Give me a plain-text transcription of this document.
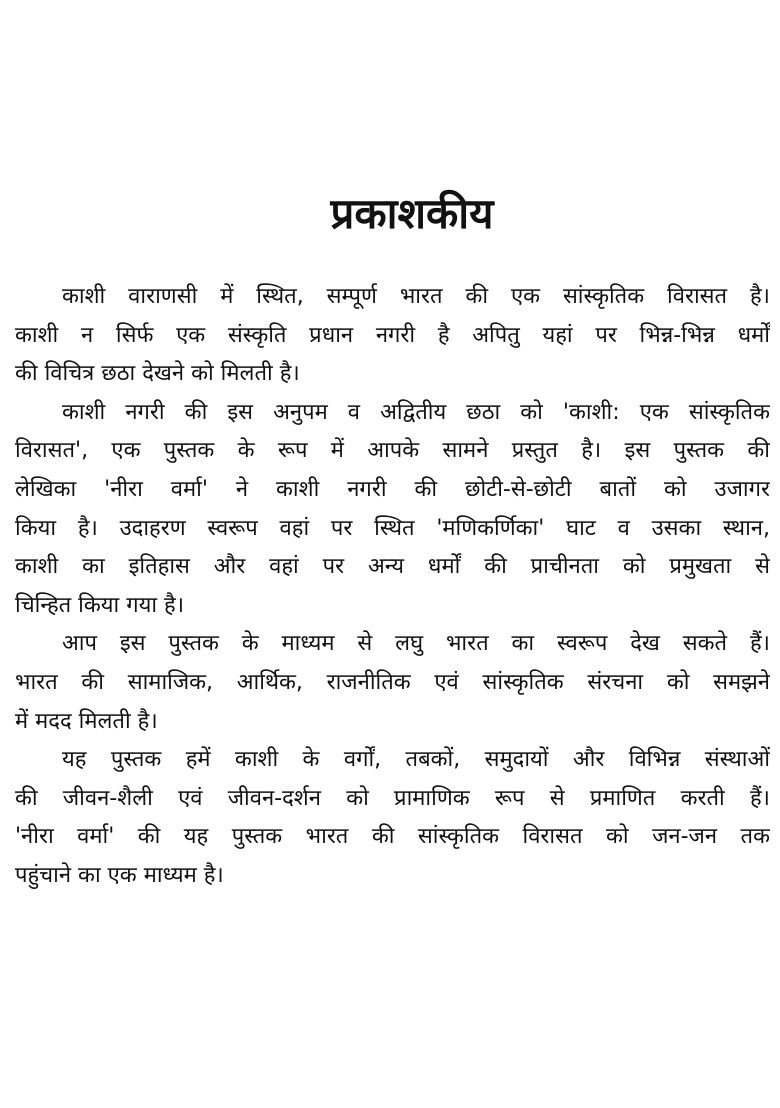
प्रकाशकीय
काशी वाराणसी में स्थित, सम्पूर्ण भारत की एक सांस्कृतिक विरासत है।
काशी न सिर्फ एक संस्कृति प्रधान नगरी है अपितु यहां पर भिन्न-भिन्न धर्मों
की विचित्र छठा देखने को मिलती है।
काशी नगरी की इस अनुपम व अद्वितीय छठा को 'काशी: एक सांस्कृतिक
विरासत', एक पुस्तक के रूप में आपके सामने प्रस्तुत है। इस पुस्तक की
लेखिका 'नीरा वर्मा' ने काशी नगरी की छोटी-से-छोटी बातों को उजागर
किया है। उदाहरण स्वरूप वहां पर स्थित 'मणिकर्णिका' घाट व उसका स्थान,
काशी का इतिहास और वहां पर अन्य धर्मों की प्राचीनता को प्रमुखता से
चिन्हित किया गया है।
आप इस पुस्तक के माध्यम से लघु भारत का स्वरूप देख सकते हैं।
भारत की सामाजिक, आर्थिक, राजनीतिक एवं सांस्कृतिक संरचना को समझने
में मदद मिलती है।
यह पुस्तक हमें काशी के वर्गों, तबकों, समुदायों और विभिन्न संस्थाओं
की जीवन-शैली एवं जीवन-दर्शन को प्रामाणिक रूप से प्रमाणित करती हैं।
'नीरा वर्मा' की यह पुस्तक भारत की सांस्कृतिक विरासत को जन-जन तक
पहुंचाने का एक माध्यम है।
